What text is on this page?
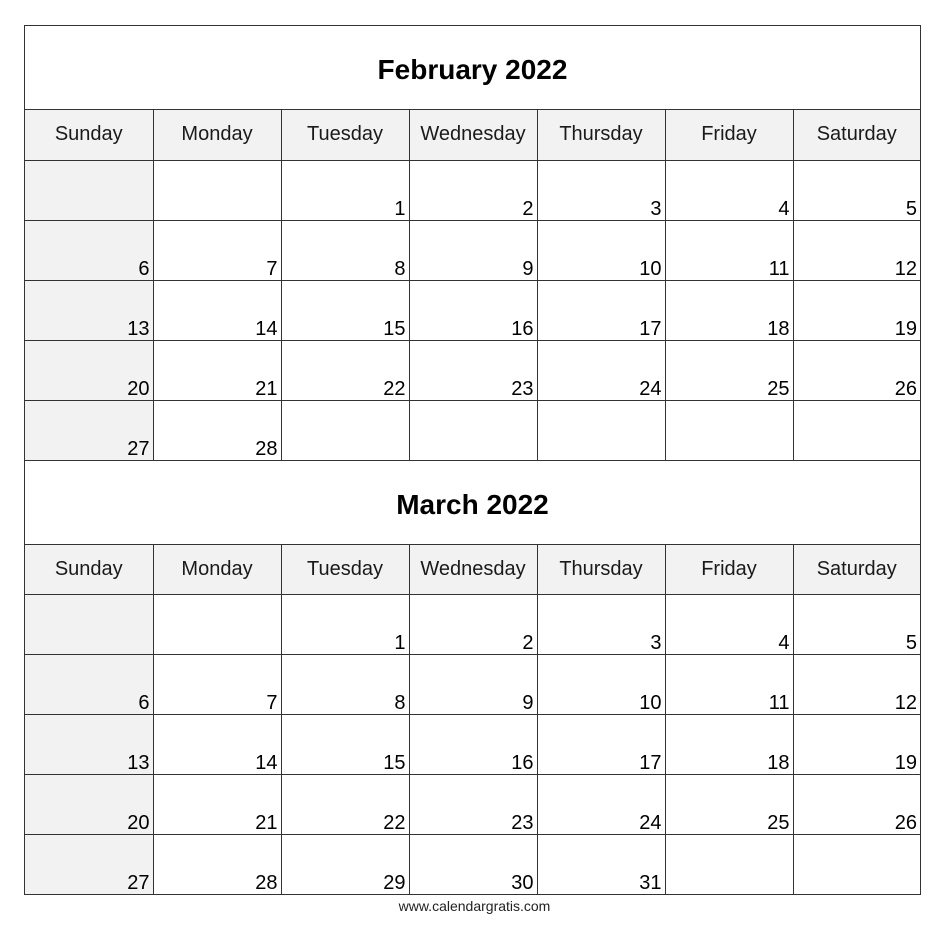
February 2022
Sunday	Monday	Tuesday	Wednesday	Thursday	Friday	Saturday
		1	2	3	4	5
6	7	8	9	10	11	12
13	14	15	16	17	18	19
20	21	22	23	24	25	26
27	28					
March 2022
Sunday	Monday	Tuesday	Wednesday	Thursday	Friday	Saturday
		1	2	3	4	5
6	7	8	9	10	11	12
13	14	15	16	17	18	19
20	21	22	23	24	25	26
27	28	29	30	31		
www.calendargratis.com
